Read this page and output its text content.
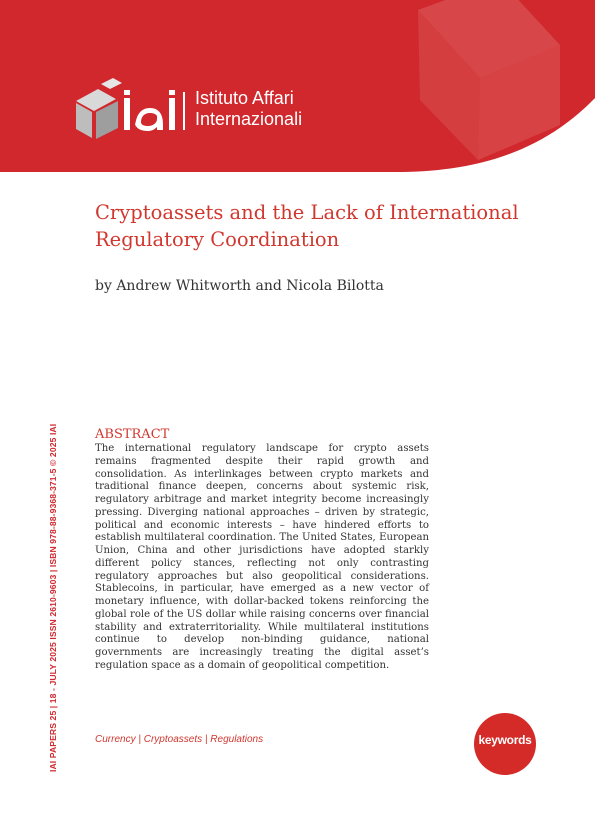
Istituto Affari
Internazionali
IAI PAPERS 25 | 18 - JULY 2025 ISSN 2610-9603 | ISBN 978-88-9368-371-5 © 2025 IAI
Cryptoassets and the Lack of International Regulatory Coordination

by Andrew Whitworth and Nicola Bilotta

ABSTRACT

The international regulatory landscape for crypto assets remains fragmented despite their rapid growth and consolidation. As interlinkages between crypto markets and traditional finance deepen, concerns about systemic risk, regulatory arbitrage and market integrity become increasingly pressing. Diverging national approaches – driven by strategic, political and economic interests – have hindered efforts to establish multilateral coordination. The United States, European Union, China and other jurisdictions have adopted starkly different policy stances, reflecting not only contrasting regulatory approaches but also geopolitical considerations. Stablecoins, in particular, have emerged as a new vector of monetary influence, with dollar-backed tokens reinforcing the global role of the US dollar while raising concerns over financial stability and extraterritoriality. While multilateral institutions continue to develop non-binding guidance, national governments are increasingly treating the digital asset’s regulation space as a domain of geopolitical competition.

Currency | Cryptoassets | Regulations	keywords
